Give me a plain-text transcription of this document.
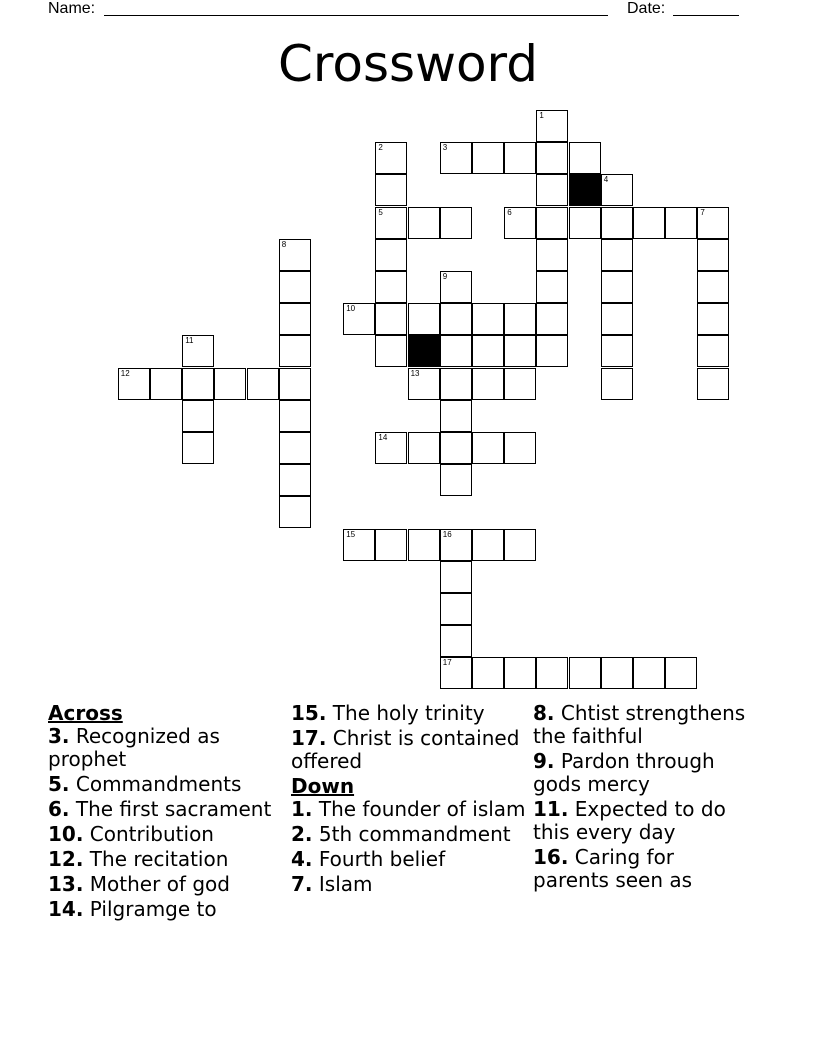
Name:	Date:
Crossword
1
2	3
4
5	6	7
8
9
10
11
12	13
14
15	16
17
Across
3. Recognized as prophet
5. Commandments
6. The first sacrament
10. Contribution
12. The recitation
13. Mother of god
14. Pilgramge to
15. The holy trinity
17. Christ is contained offered
Down
1. The founder of islam
2. 5th commandment
4. Fourth belief
7. Islam
8. Chtist strengthens the faithful
9. Pardon through gods mercy
11. Expected to do this every day
16. Caring for parents seen as
